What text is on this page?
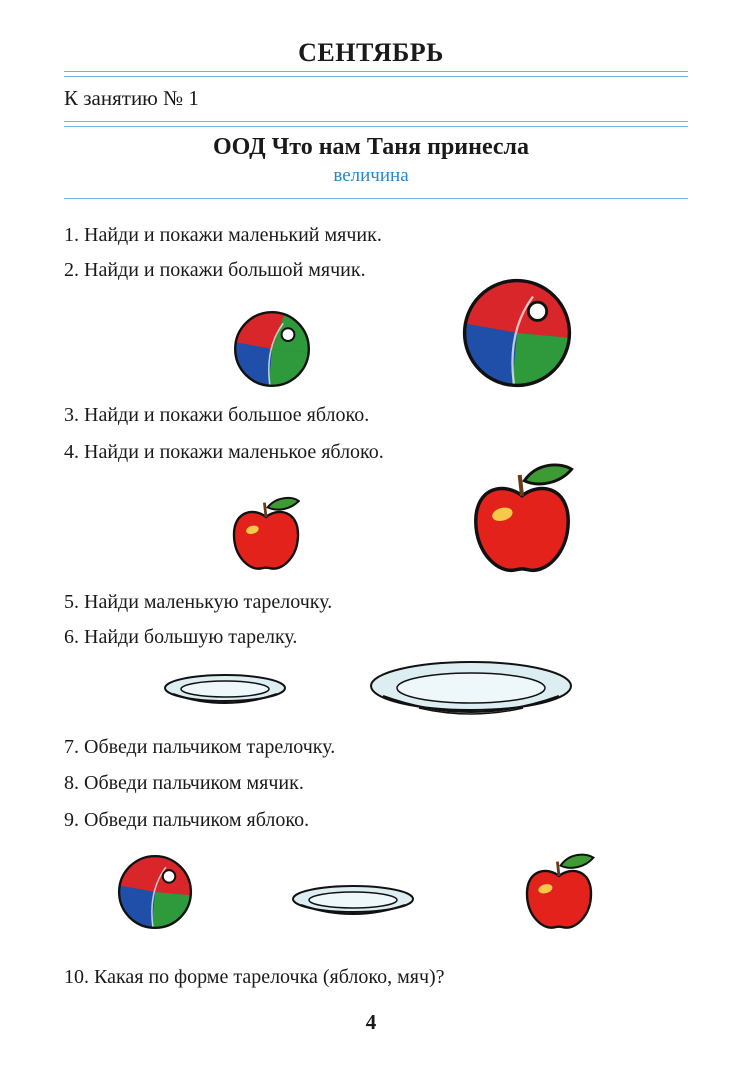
СЕНТЯБРЬ
К занятию № 1
ООД Что нам Таня принесла
величина
1. Найди и покажи маленький мячик.
2. Найди и покажи большой мячик.
3. Найди и покажи большое яблоко.
4. Найди и покажи маленькое яблоко.
5. Найди маленькую тарелочку.
6. Найди большую тарелку.
7. Обведи пальчиком тарелочку.
8. Обведи пальчиком мячик.
9. Обведи пальчиком яблоко.
10. Какая по форме тарелочка (яблоко, мяч)?
4
